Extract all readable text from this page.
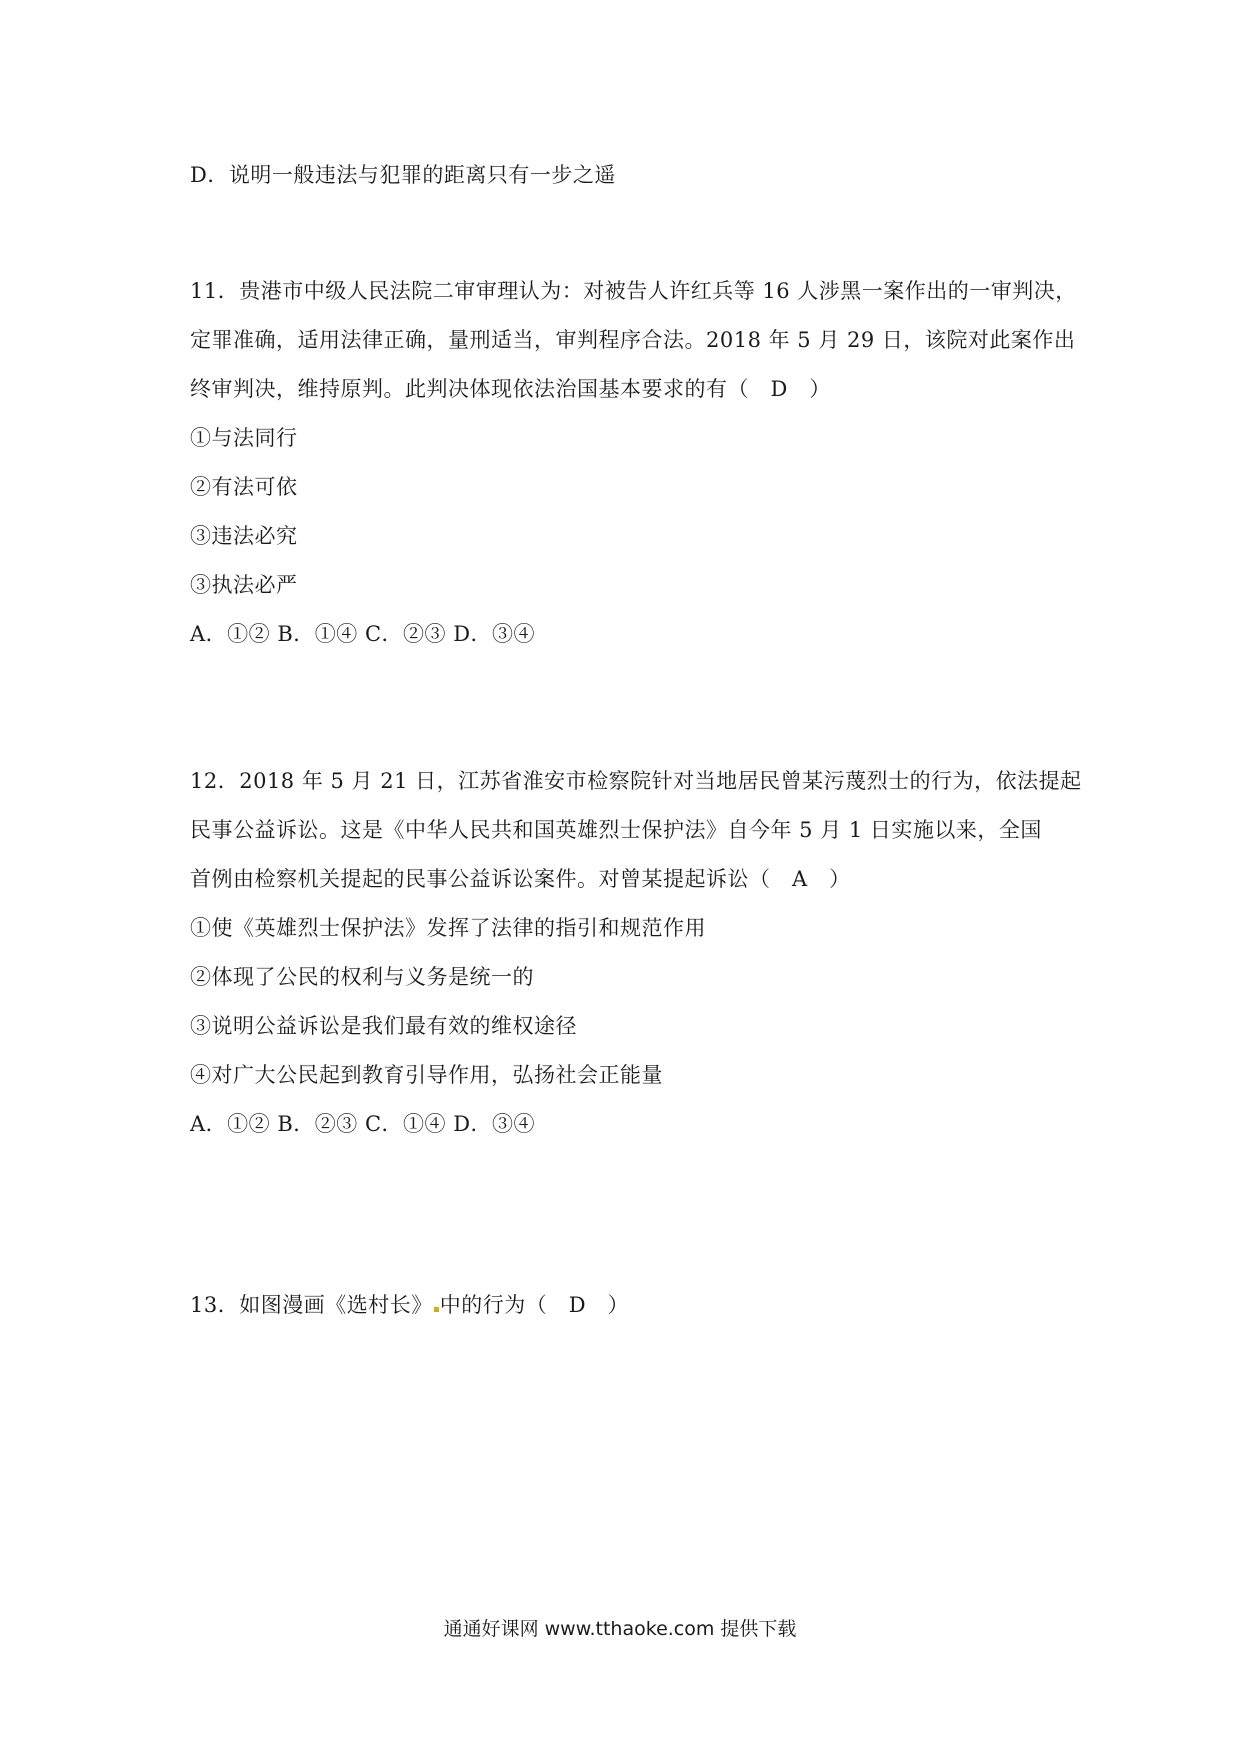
D．说明一般违法与犯罪的距离只有一步之遥
11．贵港市中级人民法院二审审理认为：对被告人许红兵等 16 人涉黑一案作出的一审判决，
定罪准确，适用法律正确，量刑适当，审判程序合法。2018 年 5 月 29 日，该院对此案作出
终审判决，维持原判。此判决体现依法治国基本要求的有（　D　）
①与法同行
②有法可依
③违法必究
③执法必严
A．①② B．①④ C．②③ D．③④
12．2018 年 5 月 21 日，江苏省淮安市检察院针对当地居民曾某污蔑烈士的行为，依法提起
民事公益诉讼。这是《中华人民共和国英雄烈士保护法》自今年 5 月 1 日实施以来，全国
首例由检察机关提起的民事公益诉讼案件。对曾某提起诉讼（　A　）
①使《英雄烈士保护法》发挥了法律的指引和规范作用
②体现了公民的权利与义务是统一的
③说明公益诉讼是我们最有效的维权途径
④对广大公民起到教育引导作用，弘扬社会正能量
A．①② B．②③ C．①④ D．③④
13．如图漫画《选村长》 中的行为（　D　）
通通好课网 www.tthaoke.com 提供下载
